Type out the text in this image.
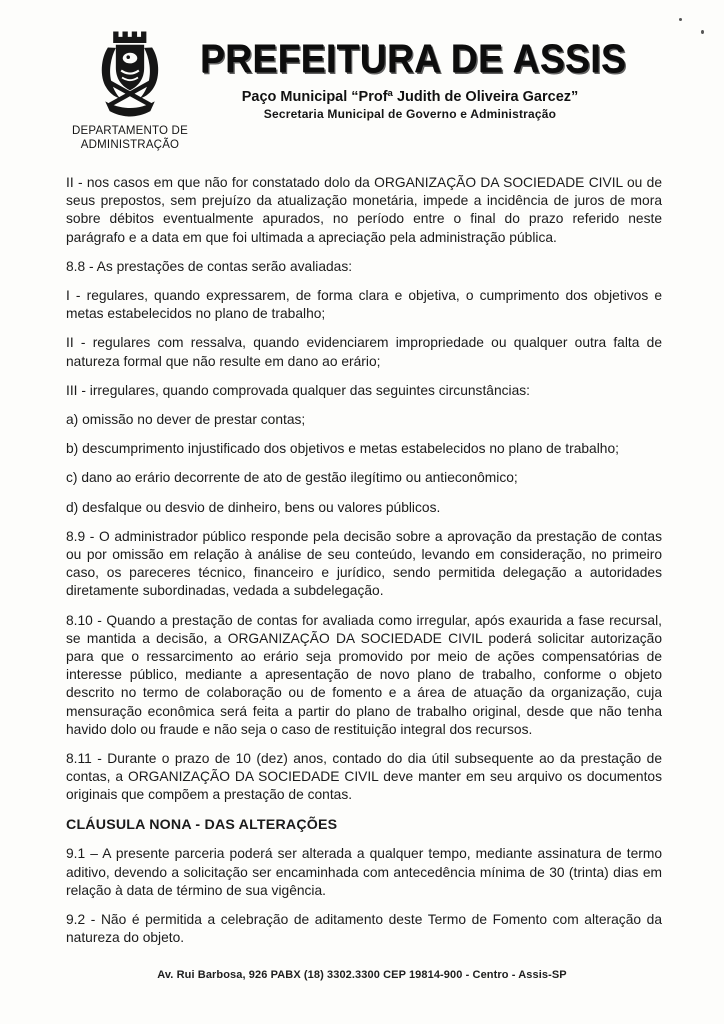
DEPARTAMENTO DE
ADMINISTRAÇÃO
PREFEITURA DE ASSIS
Paço Municipal “Profª Judith de Oliveira Garcez”
Secretaria Municipal de Governo e Administração

II - nos casos em que não for constatado dolo da ORGANIZAÇÃO DA SOCIEDADE CIVIL ou de seus prepostos, sem prejuízo da atualização monetária, impede a incidência de juros de mora sobre débitos eventualmente apurados, no período entre o final do prazo referido neste parágrafo e a data em que foi ultimada a apreciação pela administração pública.

8.8 - As prestações de contas serão avaliadas:

I - regulares, quando expressarem, de forma clara e objetiva, o cumprimento dos objetivos e metas estabelecidos no plano de trabalho;

II - regulares com ressalva, quando evidenciarem impropriedade ou qualquer outra falta de natureza formal que não resulte em dano ao erário;

III - irregulares, quando comprovada qualquer das seguintes circunstâncias:

a) omissão no dever de prestar contas;

b) descumprimento injustificado dos objetivos e metas estabelecidos no plano de trabalho;

c) dano ao erário decorrente de ato de gestão ilegítimo ou antieconômico;

d) desfalque ou desvio de dinheiro, bens ou valores públicos.

8.9 - O administrador público responde pela decisão sobre a aprovação da prestação de contas ou por omissão em relação à análise de seu conteúdo, levando em consideração, no primeiro caso, os pareceres técnico, financeiro e jurídico, sendo permitida delegação a autoridades diretamente subordinadas, vedada a subdelegação.

8.10 - Quando a prestação de contas for avaliada como irregular, após exaurida a fase recursal, se mantida a decisão, a ORGANIZAÇÃO DA SOCIEDADE CIVIL poderá solicitar autorização para que o ressarcimento ao erário seja promovido por meio de ações compensatórias de interesse público, mediante a apresentação de novo plano de trabalho, conforme o objeto descrito no termo de colaboração ou de fomento e a área de atuação da organização, cuja mensuração econômica será feita a partir do plano de trabalho original, desde que não tenha havido dolo ou fraude e não seja o caso de restituição integral dos recursos.

8.11 - Durante o prazo de 10 (dez) anos, contado do dia útil subsequente ao da prestação de contas, a ORGANIZAÇÃO DA SOCIEDADE CIVIL deve manter em seu arquivo os documentos originais que compõem a prestação de contas.

CLÁUSULA NONA - DAS ALTERAÇÕES

9.1 – A presente parceria poderá ser alterada a qualquer tempo, mediante assinatura de termo aditivo, devendo a solicitação ser encaminhada com antecedência mínima de 30 (trinta) dias em relação à data de término de sua vigência.

9.2 - Não é permitida a celebração de aditamento deste Termo de Fomento com alteração da natureza do objeto.

Av. Rui Barbosa, 926 PABX (18) 3302.3300 CEP 19814-900 - Centro - Assis-SP
